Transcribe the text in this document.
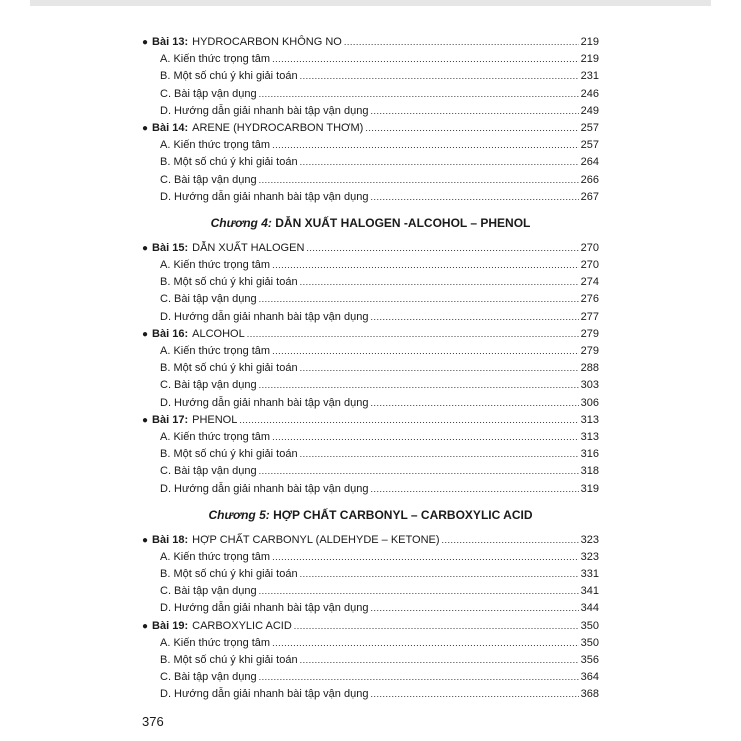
● Bài 13: HYDROCARBON KHÔNG NO .....	219
A. Kiến thức trọng tâm .....	219
B. Một số chú ý khi giải toán .....	231
C. Bài tập vận dụng .....	246
D. Hướng dẫn giải nhanh bài tập vận dụng .....	249
● Bài 14: ARENE (HYDROCARBON THƠM) .....	257
A. Kiến thức trọng tâm .....	257
B. Một số chú ý khi giải toán .....	264
C. Bài tập vận dụng .....	266
D. Hướng dẫn giải nhanh bài tập vận dụng .....	267
Chương 4: DẪN XUẤT HALOGEN -ALCOHOL – PHENOL
● Bài 15: DẪN XUẤT HALOGEN .....	270
A. Kiến thức trọng tâm .....	270
B. Một số chú ý khi giải toán .....	274
C. Bài tập vận dụng .....	276
D. Hướng dẫn giải nhanh bài tập vận dụng .....	277
● Bài 16: ALCOHOL .....	279
A. Kiến thức trọng tâm .....	279
B. Một số chú ý khi giải toán .....	288
C. Bài tập vận dụng .....	303
D. Hướng dẫn giải nhanh bài tập vận dụng .....	306
● Bài 17: PHENOL .....	313
A. Kiến thức trọng tâm .....	313
B. Một số chú ý khi giải toán .....	316
C. Bài tập vận dụng .....	318
D. Hướng dẫn giải nhanh bài tập vận dụng .....	319
Chương 5: HỢP CHẤT CARBONYL – CARBOXYLIC ACID
● Bài 18: HỢP CHẤT CARBONYL (ALDEHYDE – KETONE) .....	323
A. Kiến thức trọng tâm .....	323
B. Một số chú ý khi giải toán .....	331
C. Bài tập vận dụng .....	341
D. Hướng dẫn giải nhanh bài tập vận dụng .....	344
● Bài 19: CARBOXYLIC ACID .....	350
A. Kiến thức trọng tâm .....	350
B. Một số chú ý khi giải toán .....	356
C. Bài tập vận dụng .....	364
D. Hướng dẫn giải nhanh bài tập vận dụng .....	368
376
